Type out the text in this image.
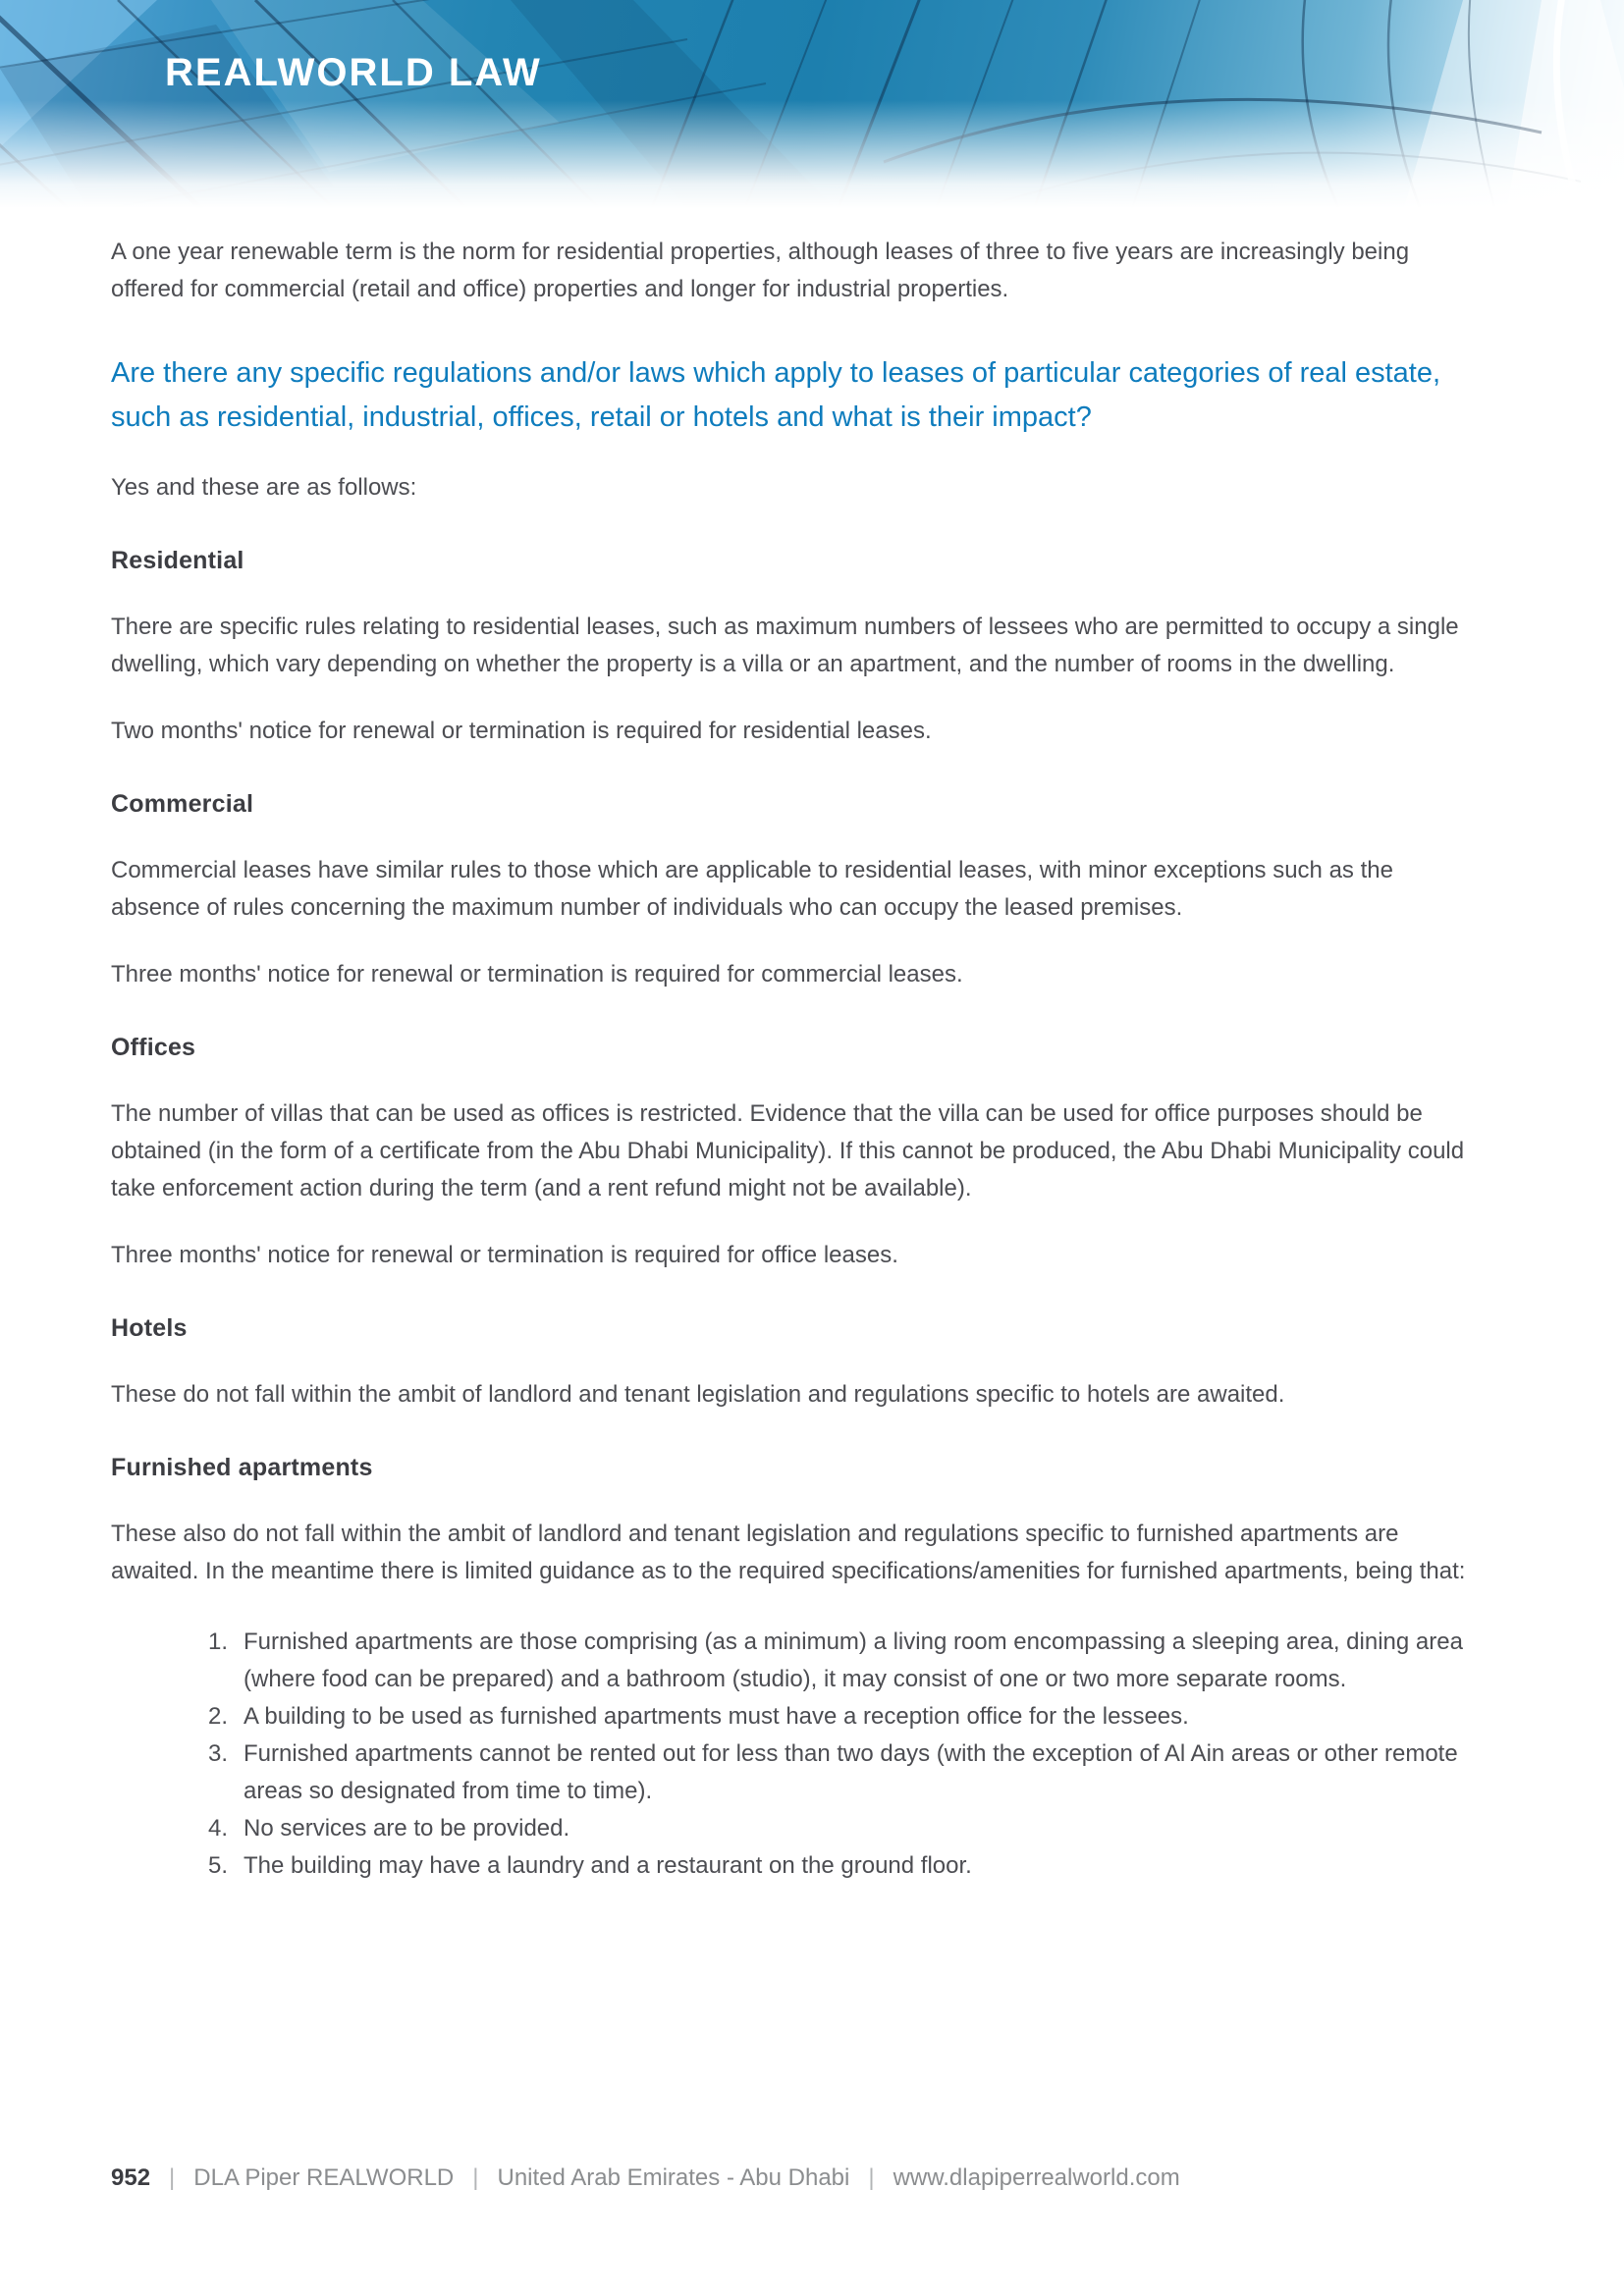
REALWORLD LAW

A one year renewable term is the norm for residential properties, although leases of three to five years are increasingly being offered for commercial (retail and office) properties and longer for industrial properties.

Are there any specific regulations and/or laws which apply to leases of particular categories of real estate, such as residential, industrial, offices, retail or hotels and what is their impact?

Yes and these are as follows:

Residential

There are specific rules relating to residential leases, such as maximum numbers of lessees who are permitted to occupy a single dwelling, which vary depending on whether the property is a villa or an apartment, and the number of rooms in the dwelling.

Two months' notice for renewal or termination is required for residential leases.

Commercial

Commercial leases have similar rules to those which are applicable to residential leases, with minor exceptions such as the absence of rules concerning the maximum number of individuals who can occupy the leased premises.

Three months' notice for renewal or termination is required for commercial leases.

Offices

The number of villas that can be used as offices is restricted. Evidence that the villa can be used for office purposes should be obtained (in the form of a certificate from the Abu Dhabi Municipality). If this cannot be produced, the Abu Dhabi Municipality could take enforcement action during the term (and a rent refund might not be available).

Three months' notice for renewal or termination is required for office leases.

Hotels

These do not fall within the ambit of landlord and tenant legislation and regulations specific to hotels are awaited.

Furnished apartments

These also do not fall within the ambit of landlord and tenant legislation and regulations specific to furnished apartments are awaited. In the meantime there is limited guidance as to the required specifications/amenities for furnished apartments, being that:

1. Furnished apartments are those comprising (as a minimum) a living room encompassing a sleeping area, dining area (where food can be prepared) and a bathroom (studio), it may consist of one or two more separate rooms.
2. A building to be used as furnished apartments must have a reception office for the lessees.
3. Furnished apartments cannot be rented out for less than two days (with the exception of Al Ain areas or other remote areas so designated from time to time).
4. No services are to be provided.
5. The building may have a laundry and a restaurant on the ground floor.
952 | DLA Piper REALWORLD | United Arab Emirates - Abu Dhabi | www.dlapiperrealworld.com
